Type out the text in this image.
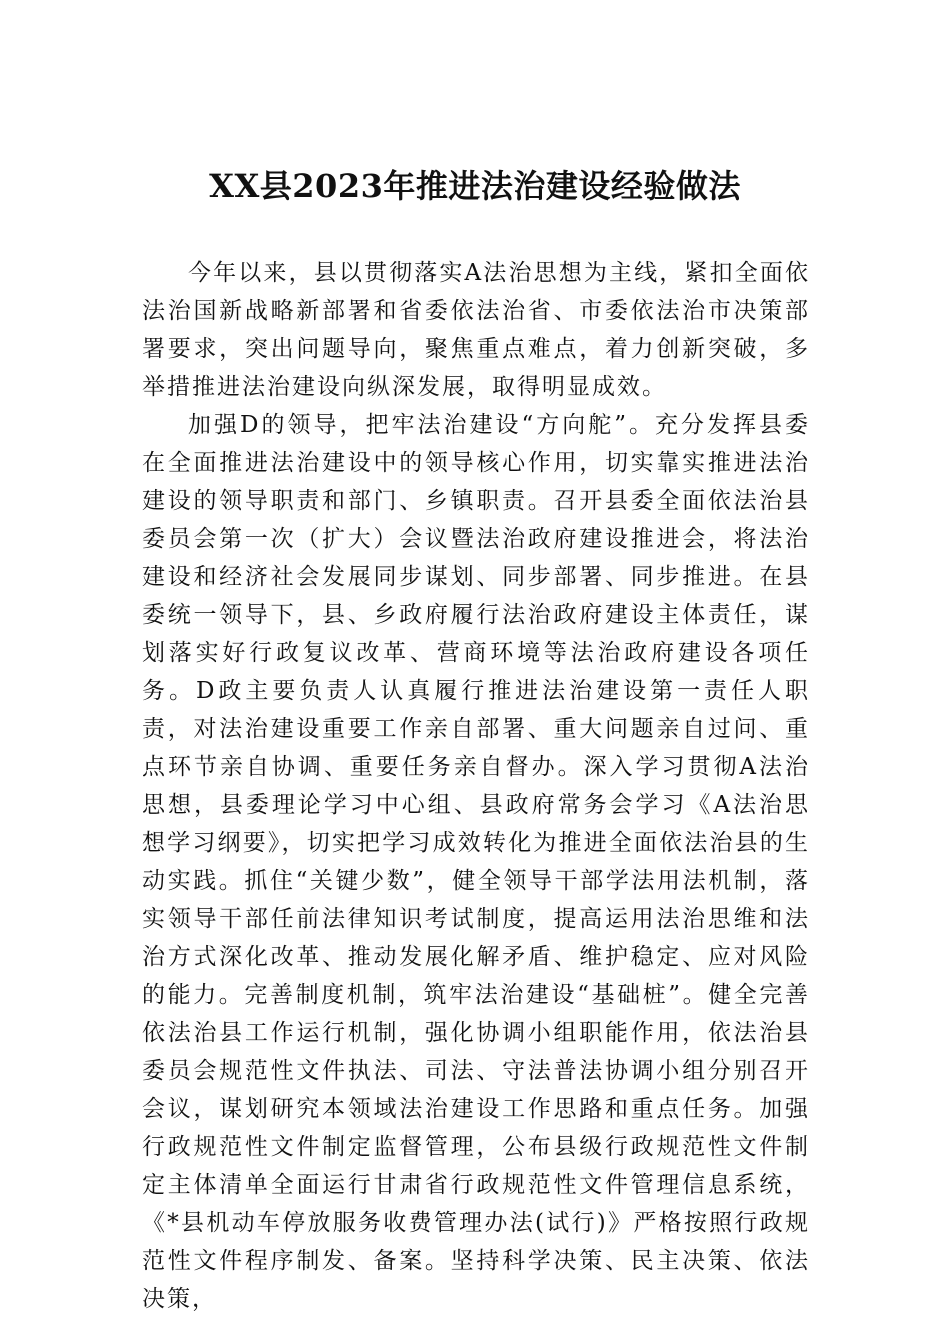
XX县2023年推进法治建设经验做法

今年以来，县以贯彻落实A法治思想为主线，紧扣全面依法治国新战略新部署和省委依法治省、市委依法治市决策部署要求，突出问题导向，聚焦重点难点，着力创新突破，多举措推进法治建设向纵深发展，取得明显成效。

加强D的领导，把牢法治建设“方向舵”。充分发挥县委在全面推进法治建设中的领导核心作用，切实靠实推进法治建设的领导职责和部门、乡镇职责。召开县委全面依法治县委员会第一次（扩大）会议暨法治政府建设推进会，将法治建设和经济社会发展同步谋划、同步部署、同步推进。在县委统一领导下，县、乡政府履行法治政府建设主体责任，谋划落实好行政复议改革、营商环境等法治政府建设各项任务。D政主要负责人认真履行推进法治建设第一责任人职责，对法治建设重要工作亲自部署、重大问题亲自过问、重点环节亲自协调、重要任务亲自督办。深入学习贯彻A法治思想，县委理论学习中心组、县政府常务会学习《A法治思想学习纲要》，切实把学习成效转化为推进全面依法治县的生动实践。抓住“关键少数”，健全领导干部学法用法机制，落实领导干部任前法律知识考试制度，提高运用法治思维和法治方式深化改革、推动发展化解矛盾、维护稳定、应对风险的能力。完善制度机制，筑牢法治建设“基础桩”。健全完善依法治县工作运行机制，强化协调小组职能作用，依法治县委员会规范性文件执法、司法、守法普法协调小组分别召开会议，谋划研究本领域法治建设工作思路和重点任务。加强行政规范性文件制定监督管理，公布县级行政规范性文件制定主体清单全面运行甘肃省行政规范性文件管理信息系统，《*县机动车停放服务收费管理办法(试行)》严格按照行政规范性文件程序制发、备案。坚持科学决策、民主决策、依法决策，
